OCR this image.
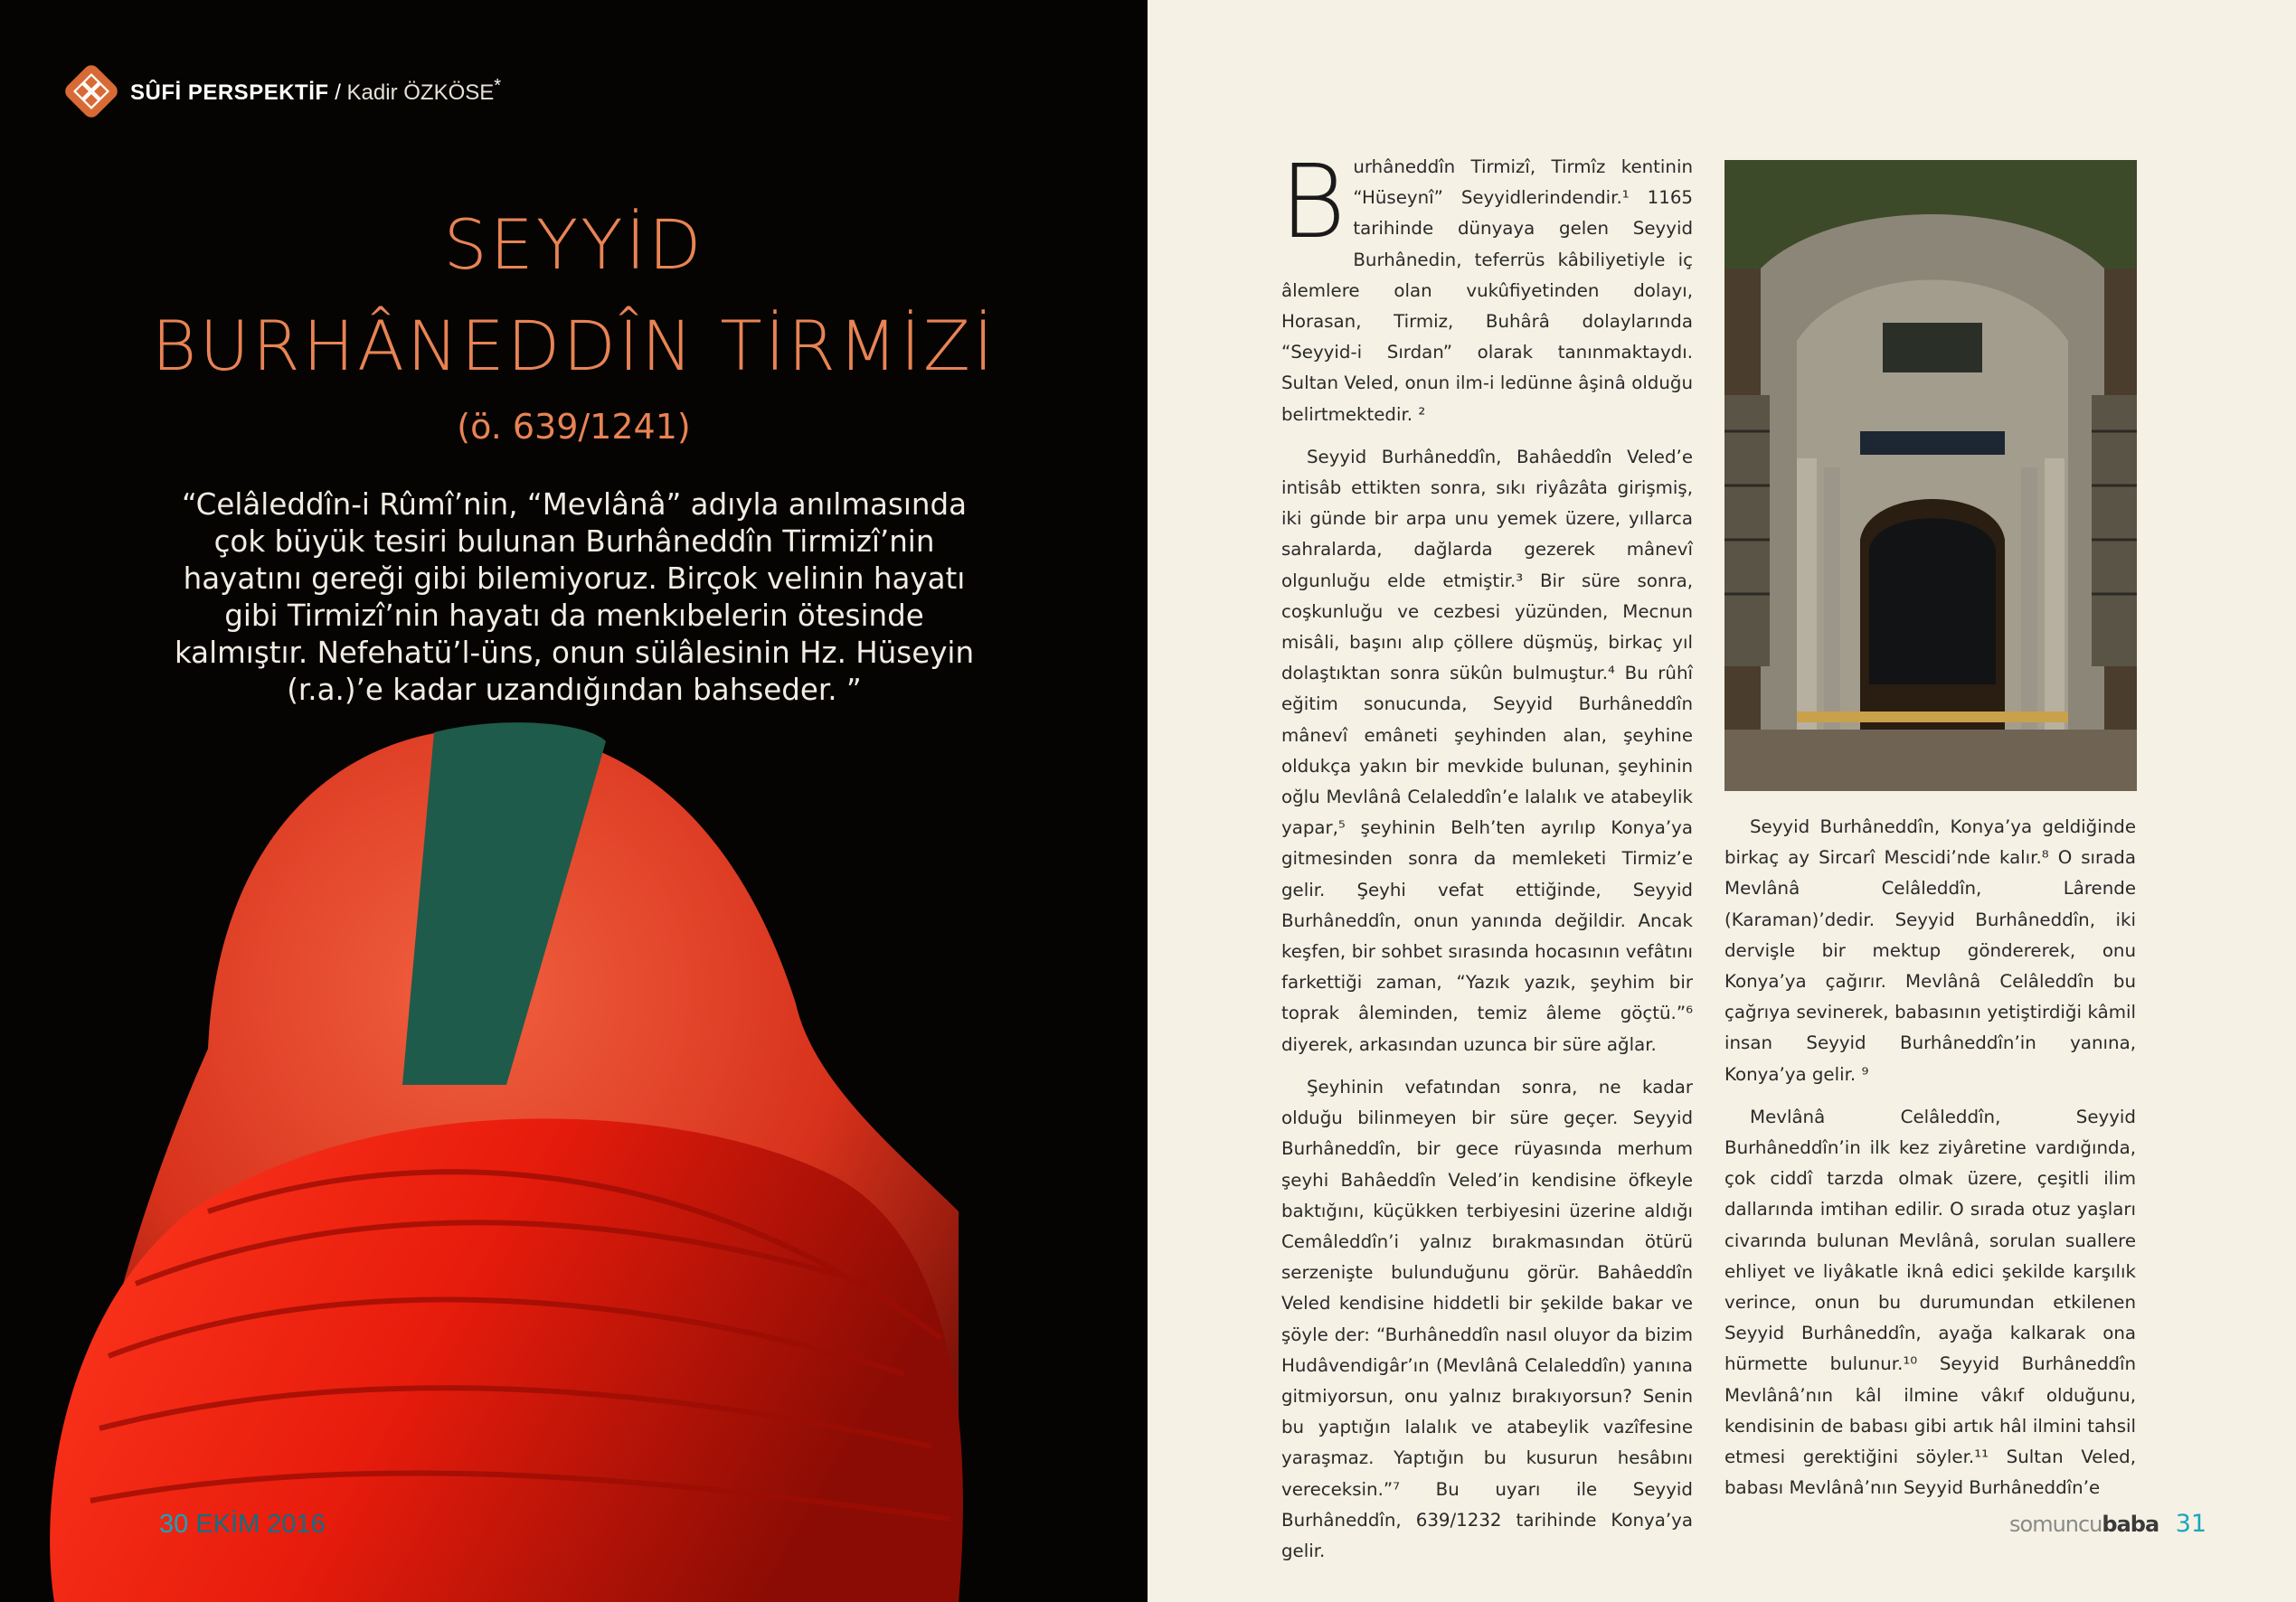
SÛFİ PERSPEKTİF / Kadir ÖZKÖSE*
SEYYİD
BURHÂNEDDÎN TİRMİZİ
(ö. 639/1241)
“Celâleddîn-i Rûmî’nin, “Mevlânâ” adıyla anılmasında çok büyük tesiri bulunan Burhâneddîn Tirmizî’nin hayatını gereği gibi bilemiyoruz. Birçok velinin hayatı gibi Tirmizî’nin hayatı da menkıbelerin ötesinde kalmıştır. Nefehatü’l-üns, onun sülâlesinin Hz. Hüseyin (r.a.)’e kadar uzandığından bahseder. ”
30 EKİM 2016

Burhâneddîn Tirmizî, Tirmîz kentinin “Hüseynî” Seyyidlerindendir.¹ 1165 tarihinde dünyaya gelen Seyyid Burhânedin, teferrüs kâbiliyetiyle iç âlemlere olan vukûfiyetinden dolayı, Horasan, Tirmiz, Buhârâ dolaylarında “Seyyid-i Sırdan” olarak tanınmaktaydı. Sultan Veled, onun ilm-i ledünne âşinâ olduğu belirtmektedir. ²

Seyyid Burhâneddîn, Bahâeddîn Veled’e intisâb ettikten sonra, sıkı riyâzâta girişmiş, iki günde bir arpa unu yemek üzere, yıllarca sahralarda, dağlarda gezerek mânevî olgunluğu elde etmiştir.³ Bir süre sonra, coşkunluğu ve cezbesi yüzünden, Mecnun misâli, başını alıp çöllere düşmüş, birkaç yıl dolaştıktan sonra sükûn bulmuştur.⁴ Bu rûhî eğitim sonucunda, Seyyid Burhâneddîn mânevî emâneti şeyhinden alan, şeyhine oldukça yakın bir mevkide bulunan, şeyhinin oğlu Mevlânâ Celaleddîn’e lalalık ve atabeylik yapar,⁵ şeyhinin Belh’ten ayrılıp Konya’ya gitmesinden sonra da memleketi Tirmiz’e gelir. Şeyhi vefat ettiğinde, Seyyid Burhâneddîn, onun yanında değildir. Ancak keşfen, bir sohbet sırasında hocasının vefâtını farkettiği zaman, “Yazık yazık, şeyhim bir toprak âleminden, temiz âleme göçtü.”⁶ diyerek, arkasından uzunca bir süre ağlar.

Şeyhinin vefatından sonra, ne kadar olduğu bilinmeyen bir süre geçer. Seyyid Burhâneddîn, bir gece rüyasında merhum şeyhi Bahâeddîn Veled’in kendisine öfkeyle baktığını, küçükken terbiyesini üzerine aldığı Cemâleddîn’i yalnız bırakmasından ötürü serzenişte bulunduğunu görür. Bahâeddîn Veled kendisine hiddetli bir şekilde bakar ve şöyle der: “Burhâneddîn nasıl oluyor da bizim Hudâvendigâr’ın (Mevlânâ Celaleddîn) yanına gitmiyorsun, onu yalnız bırakıyorsun? Senin bu yaptığın lalalık ve atabeylik vazîfesine yaraşmaz. Yaptığın bu kusurun hesâbını vereceksin.”⁷ Bu uyarı ile Seyyid Burhâneddîn, 639/1232 tarihinde Konya’ya gelir.

Seyyid Burhâneddîn, Konya’ya geldiğinde birkaç ay Sircarî Mescidi’nde kalır.⁸ O sırada Mevlânâ Celâleddîn, Lârende (Karaman)’dedir. Seyyid Burhâneddîn, iki dervişle bir mektup göndererek, onu Konya’ya çağırır. Mevlânâ Celâleddîn bu çağrıya sevinerek, babasının yetiştirdiği kâmil insan Seyyid Burhâneddîn’in yanına, Konya’ya gelir. ⁹

Mevlânâ Celâleddîn, Seyyid Burhâneddîn’in ilk kez ziyâretine vardığında, çok ciddî tarzda olmak üzere, çeşitli ilim dallarında imtihan edilir. O sırada otuz yaşları civarında bulunan Mevlânâ, sorulan suallere ehliyet ve liyâkatle iknâ edici şekilde karşılık verince, onun bu durumundan etkilenen Seyyid Burhâneddîn, ayağa kalkarak ona hürmette bulunur.¹⁰ Seyyid Burhâneddîn Mevlânâ’nın kâl ilmine vâkıf olduğunu, kendisinin de babası gibi artık hâl ilmini tahsil etmesi gerektiğini söyler.¹¹ Sultan Veled, babası Mevlânâ’nın Seyyid Burhâneddîn’e

somuncubaba 31
